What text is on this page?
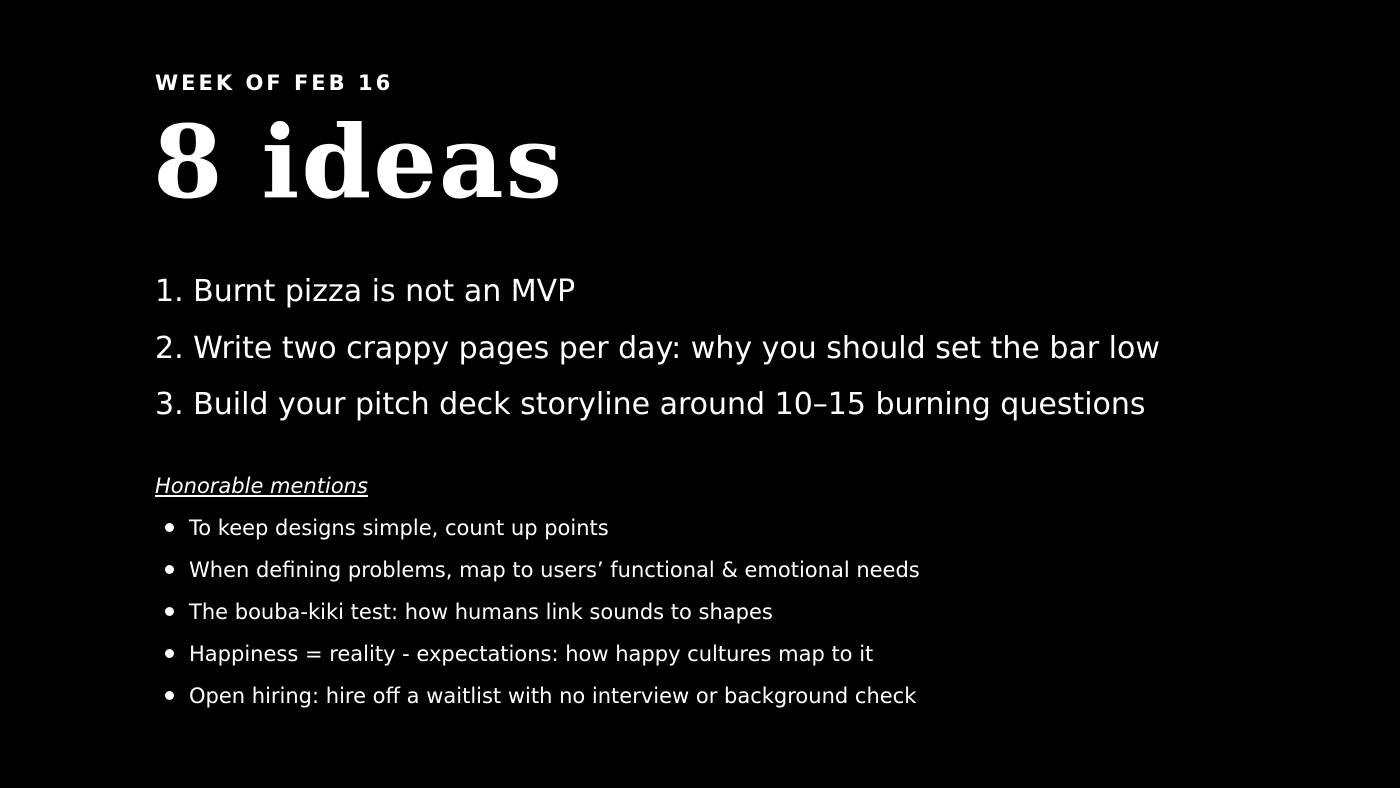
WEEK OF FEB 16
8 ideas
1. Burnt pizza is not an MVP
2. Write two crappy pages per day: why you should set the bar low
3. Build your pitch deck storyline around 10–15 burning questions
Honorable mentions
To keep designs simple, count up points
When defining problems, map to users’ functional & emotional needs
The bouba-kiki test: how humans link sounds to shapes
Happiness = reality - expectations: how happy cultures map to it
Open hiring: hire off a waitlist with no interview or background check
